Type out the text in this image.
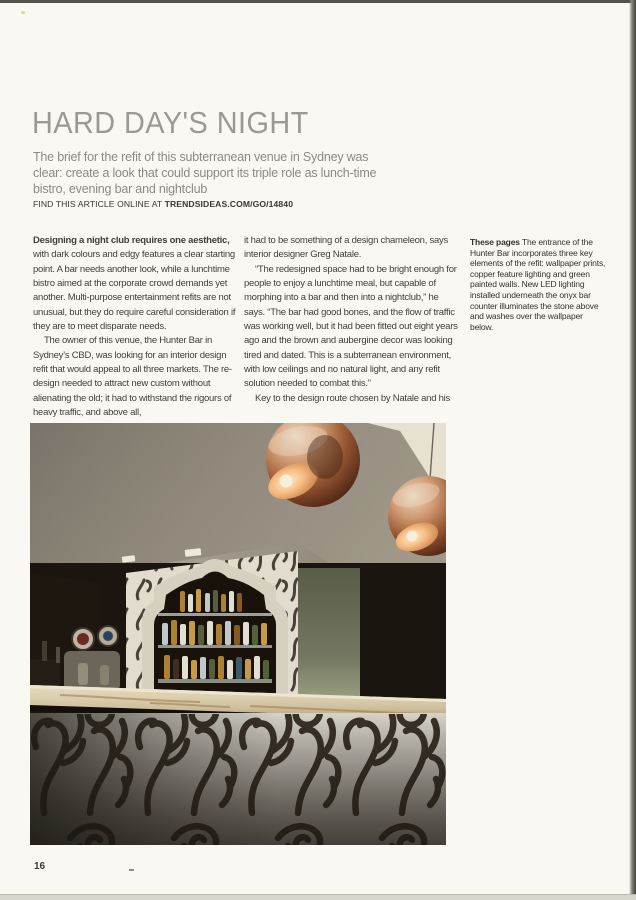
HARD DAY'S NIGHT

The brief for the refit of this subterranean venue in Sydney was clear: create a look that could support its triple role as lunch-time bistro, evening bar and nightclub

FIND THIS ARTICLE ONLINE AT TRENDSIDEAS.COM/GO/14840

Designing a night club requires one aesthetic, with dark colours and edgy features a clear starting point. A bar needs another look, while a lunchtime bistro aimed at the corporate crowd demands yet another. Multi-purpose entertainment refits are not unusual, but they do require careful consideration if they are to meet disparate needs.

The owner of this venue, the Hunter Bar in Sydney’s CBD, was looking for an interior design refit that would appeal to all three markets. The re-design needed to attract new custom without alienating the old; it had to withstand the rigours of heavy traffic, and above all,

it had to be something of a design chameleon, says interior designer Greg Natale.

“The redesigned space had to be bright enough for people to enjoy a lunchtime meal, but capable of morphing into a bar and then into a nightclub,” he says. “The bar had good bones, and the flow of traffic was working well, but it had been fitted out eight years ago and the brown and aubergine decor was looking tired and dated. This is a subterranean environment, with low ceilings and no natural light, and any refit solution needed to combat this.”

Key to the design route chosen by Natale and his

These pages The entrance of the Hunter Bar incorporates three key elements of the refit: wallpaper prints, copper feature lighting and green painted walls. New LED lighting installed underneath the onyx bar counter illuminates the stone above and washes over the wallpaper below.
16
